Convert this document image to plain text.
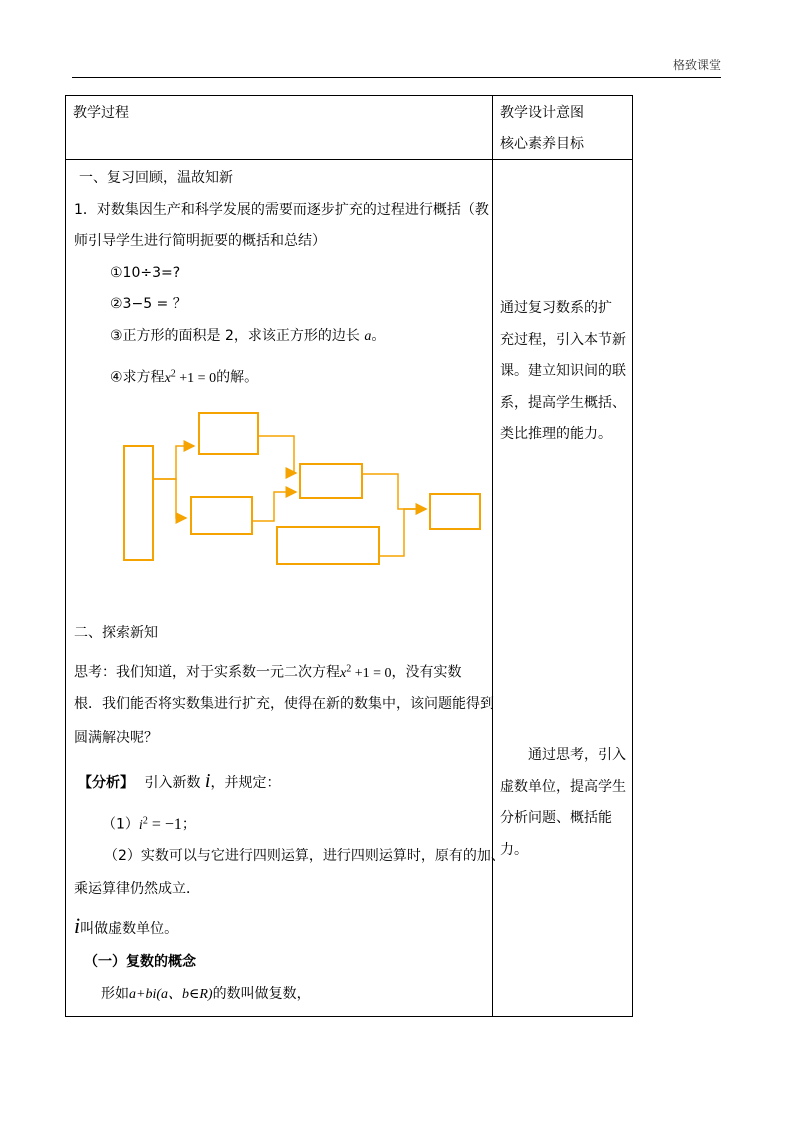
格致课堂
教学过程	教学设计意图
核心素养目标
一、复习回顾，温故知新
1．对数集因生产和科学发展的需要而逐步扩充的过程进行概括（教
师引导学生进行简明扼要的概括和总结）
①10÷3=?
②3−5 = ？
③正方形的面积是 2，求该正方形的边长 a。
④求方程$x^2 +1 = 0$的解。
二、探索新知
思考：我们知道，对于实系数一元二次方程$x^2 +1 = 0$，没有实数
根．我们能否将实数集进行扩充，使得在新的数集中，该问题能得到
圆满解决呢？
【分析】 引入新数 i，并规定：
$(1)i^2 = -1$；
（2）实数可以与它进行四则运算，进行四则运算时，原有的加、
乘运算律仍然成立．
i叫做虚数单位。
（一）复数的概念
形如a+bi(a、b∈R)的数叫做复数，
通过复习数系的扩
充过程，引入本节新
课。建立知识间的联
系，提高学生概括、
类比推理的能力。
通过思考，引入
虚数单位，提高学生
分析问题、概括能
力。
